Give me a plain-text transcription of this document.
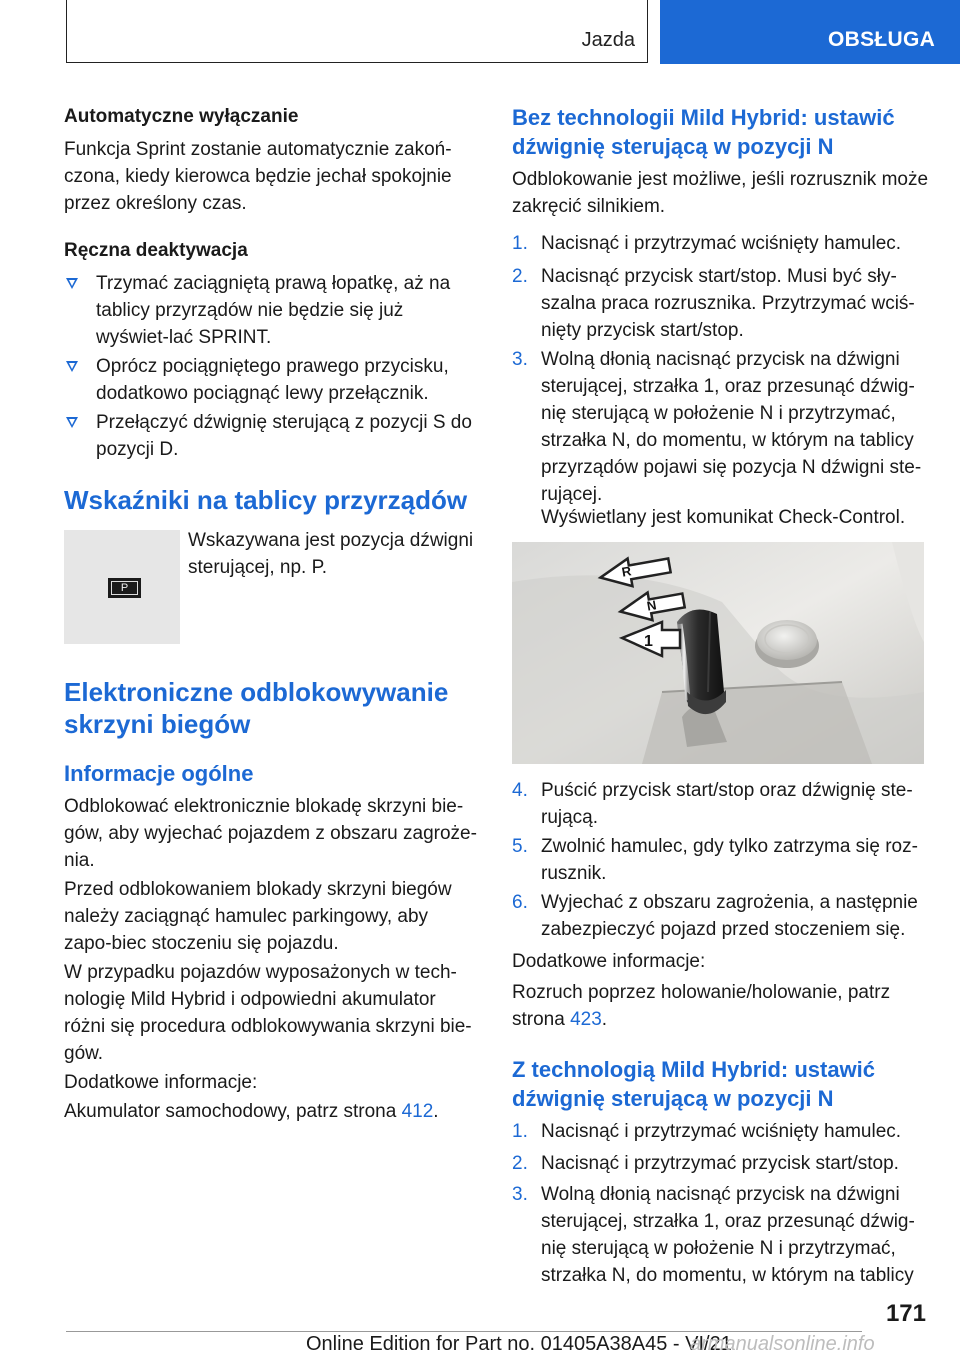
Jazda	OBSŁUGA

Automatyczne wyłączanie

Funkcja Sprint zostanie automatycznie zakoń-czona, kiedy kierowca będzie jechał spokojnie przez określony czas.

Ręczna deaktywacja

Trzymać zaciągniętą prawą łopatkę, aż na tablicy przyrządów nie będzie się już wyświet-lać SPRINT.

Oprócz pociągniętego prawego przycisku, dodatkowo pociągnąć lewy przełącznik.

Przełączyć dźwignię sterującą z pozycji S do pozycji D.

Wskaźniki na tablicy przyrządów

P

Wskazywana jest pozycja dźwigni sterującej, np. P.

Elektroniczne odblokowywanie skrzyni biegów

Informacje ogólne

Odblokować elektronicznie blokadę skrzyni bie-gów, aby wyjechać pojazdem z obszaru zagroże-nia.

Przed odblokowaniem blokady skrzyni biegów należy zaciągnąć hamulec parkingowy, aby zapo-biec stoczeniu się pojazdu.

W przypadku pojazdów wyposażonych w tech-nologię Mild Hybrid i odpowiedni akumulator różni się procedura odblokowywania skrzyni bie-gów.

Dodatkowe informacje:

Akumulator samochodowy, patrz strona 412.

Bez technologii Mild Hybrid: ustawić dźwignię sterującą w pozycji N

Odblokowanie jest możliwe, jeśli rozrusznik może zakręcić silnikiem.

1. Nacisnąć i przytrzymać wciśnięty hamulec.

2. Nacisnąć przycisk start/stop. Musi być sły-szalna praca rozrusznika. Przytrzymać wciś-nięty przycisk start/stop.

3. Wolną dłonią nacisnąć przycisk na dźwigni sterującej, strzałka 1, oraz przesunąć dźwig-nię sterującą w położenie N i przytrzymać, strzałka N, do momentu, w którym na tablicy przyrządów pojawi się pozycja N dźwigni ste-rującej.

Wyświetlany jest komunikat Check-Control.

R
N
1
4. Puścić przycisk start/stop oraz dźwignię ste-rującą.

5. Zwolnić hamulec, gdy tylko zatrzyma się roz-rusznik.

6. Wyjechać z obszaru zagrożenia, a następnie zabezpieczyć pojazd przed stoczeniem się.

Dodatkowe informacje:

Rozruch poprzez holowanie/holowanie, patrz strona 423.

Z technologią Mild Hybrid: ustawić dźwignię sterującą w pozycji N

1. Nacisnąć i przytrzymać wciśnięty hamulec.

2. Nacisnąć i przytrzymać przycisk start/stop.

3. Wolną dłonią nacisnąć przycisk na dźwigni sterującej, strzałka 1, oraz przesunąć dźwig-nię sterującą w położenie N i przytrzymać, strzałka N, do momentu, w którym na tablicy

171
Online Edition for Part no. 01405A38A45 - VI/21
armanualsonline.info
